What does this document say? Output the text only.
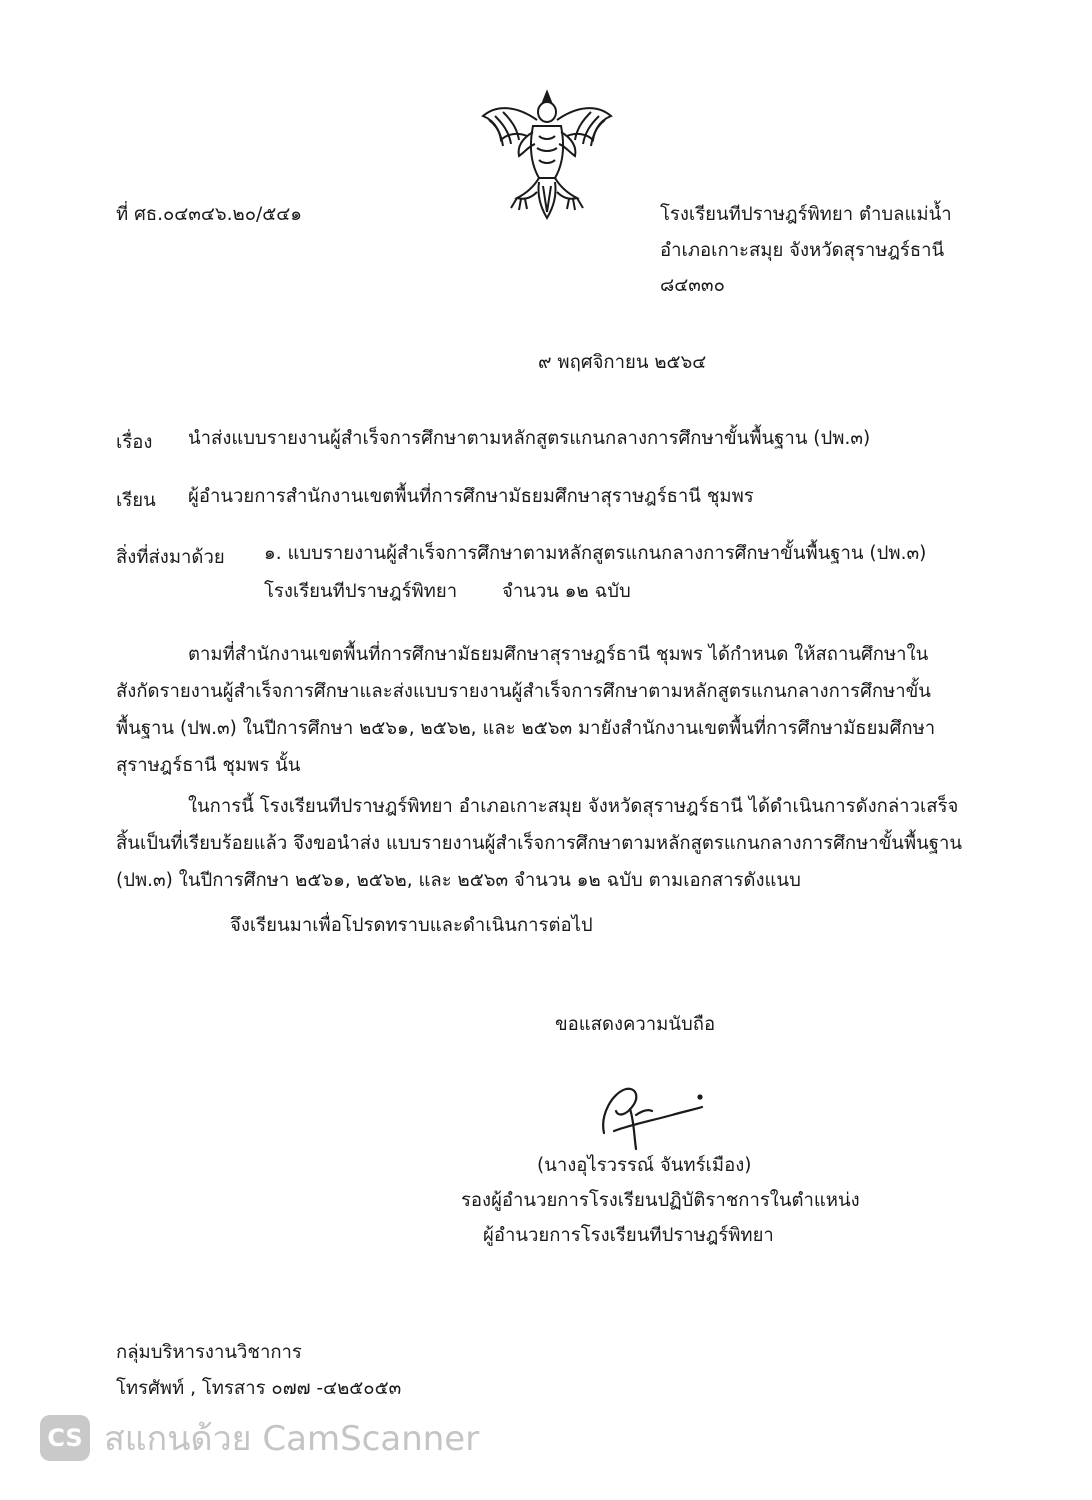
ที่ ศธ.๐๔๓๔๖.๒๐/๕๔๑	โรงเรียนทีปราษฎร์พิทยา ตำบลแม่น้ำ
อำเภอเกาะสมุย จังหวัดสุราษฎร์ธานี
๘๔๓๓๐
๙ พฤศจิกายน ๒๕๖๔
เรื่อง นำส่งแบบรายงานผู้สำเร็จการศึกษาตามหลักสูตรแกนกลางการศึกษาขั้นพื้นฐาน (ปพ.๓)
เรียน ผู้อำนวยการสำนักงานเขตพื้นที่การศึกษามัธยมศึกษาสุราษฎร์ธานี ชุมพร
สิ่งที่ส่งมาด้วย ๑. แบบรายงานผู้สำเร็จการศึกษาตามหลักสูตรแกนกลางการศึกษาขั้นพื้นฐาน (ปพ.๓)
โรงเรียนทีปราษฎร์พิทยา จำนวน ๑๒ ฉบับ
ตามที่สำนักงานเขตพื้นที่การศึกษามัธยมศึกษาสุราษฎร์ธานี ชุมพร ได้กำหนด ให้สถานศึกษาใน
สังกัดรายงานผู้สำเร็จการศึกษาและส่งแบบรายงานผู้สำเร็จการศึกษาตามหลักสูตรแกนกลางการศึกษาขั้น
พื้นฐาน (ปพ.๓) ในปีการศึกษา ๒๕๖๑, ๒๕๖๒, และ ๒๕๖๓ มายังสำนักงานเขตพื้นที่การศึกษามัธยมศึกษา
สุราษฎร์ธานี ชุมพร นั้น
ในการนี้ โรงเรียนทีปราษฎร์พิทยา อำเภอเกาะสมุย จังหวัดสุราษฎร์ธานี ได้ดำเนินการดังกล่าวเสร็จ
สิ้นเป็นที่เรียบร้อยแล้ว จึงขอนำส่ง แบบรายงานผู้สำเร็จการศึกษาตามหลักสูตรแกนกลางการศึกษาขั้นพื้นฐาน
(ปพ.๓) ในปีการศึกษา ๒๕๖๑, ๒๕๖๒, และ ๒๕๖๓ จำนวน ๑๒ ฉบับ ตามเอกสารดังแนบ
จึงเรียนมาเพื่อโปรดทราบและดำเนินการต่อไป
ขอแสดงความนับถือ
(นางอุไรวรรณ์ จันทร์เมือง)
รองผู้อำนวยการโรงเรียนปฏิบัติราชการในตำแหน่ง
ผู้อำนวยการโรงเรียนทีปราษฎร์พิทยา
กลุ่มบริหารงานวิชาการ
โทรศัพท์ , โทรสาร ๐๗๗ -๔๒๕๐๕๓
CS สแกนด้วย CamScanner
